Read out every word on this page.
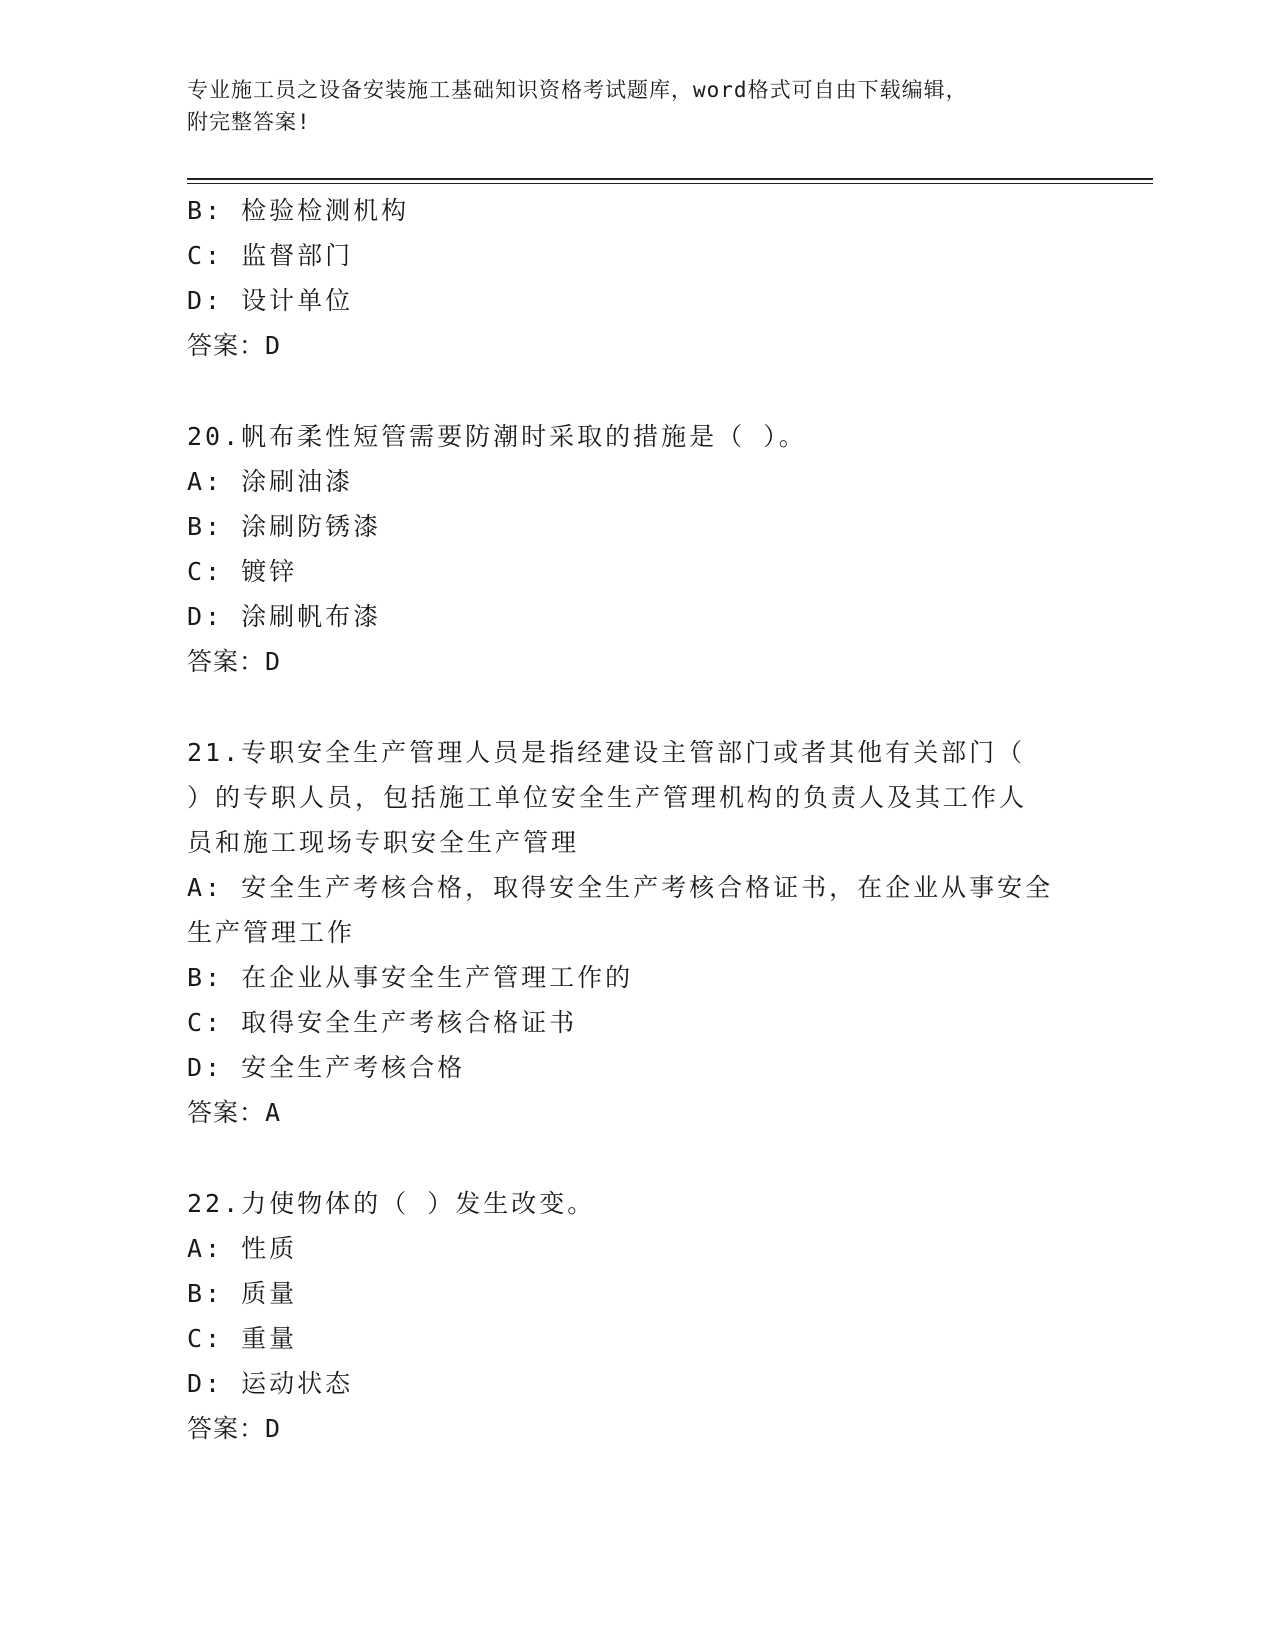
专业施工员之设备安装施工基础知识资格考试题库，word格式可自由下载编辑，
附完整答案!
B: 检验检测机构
C: 监督部门
D: 设计单位
答案：D
20.帆布柔性短管需要防潮时采取的措施是（ ）。
A: 涂刷油漆
B: 涂刷防锈漆
C: 镀锌
D: 涂刷帆布漆
答案：D
21.专职安全生产管理人员是指经建设主管部门或者其他有关部门（
）的专职人员，包括施工单位安全生产管理机构的负责人及其工作人
员和施工现场专职安全生产管理
A: 安全生产考核合格，取得安全生产考核合格证书，在企业从事安全
生产管理工作
B: 在企业从事安全生产管理工作的
C: 取得安全生产考核合格证书
D: 安全生产考核合格
答案：A
22.力使物体的（ ）发生改变。
A: 性质
B: 质量
C: 重量
D: 运动状态
答案：D
